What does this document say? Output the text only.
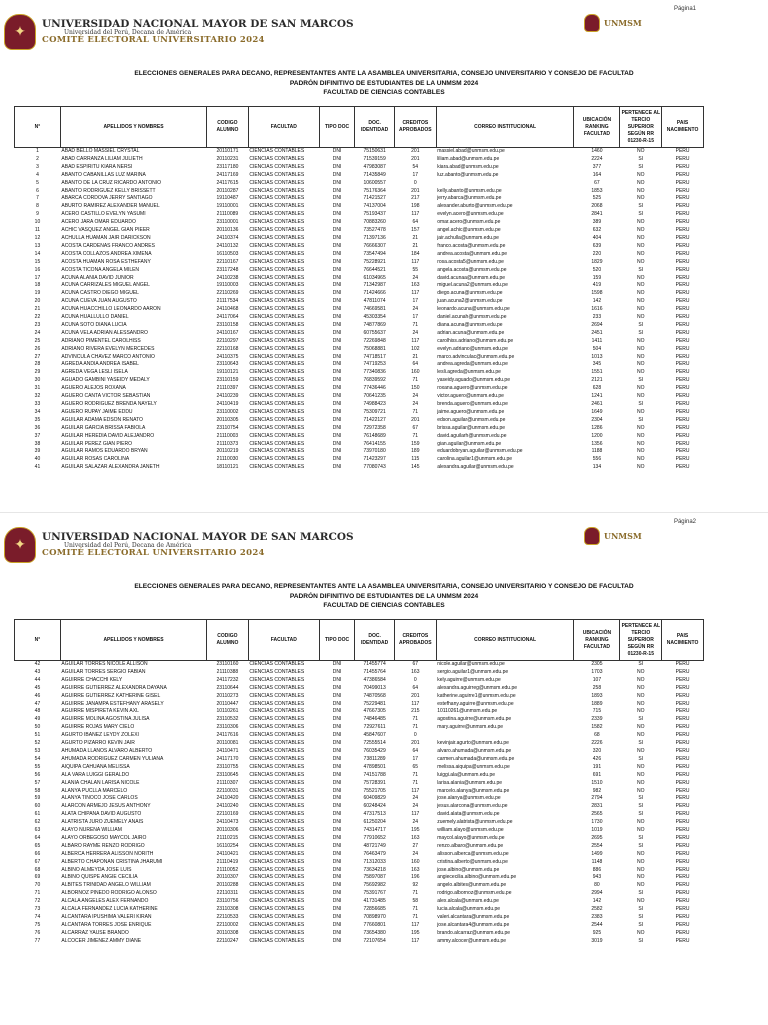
Página1
✦
UNIVERSIDAD NACIONAL MAYOR DE SAN MARCOS
Universidad del Perú, Decana de América
COMITÉ ELECTORAL UNIVERSITARIO 2024
UNMSM
ELECCIONES GENERALES PARA DECANO, REPRESENTANTES ANTE LA ASAMBLEA UNIVERSITARIA, CONSEJO UNIVERSITARIO Y CONSEJO DE FACULTAD
PADRÓN DIFINITIVO DE ESTUDIANTES DE LA UNMSM 2024
FACULTAD DE CIENCIAS CONTABLES
N°	APELLIDOS Y NOMBRES	CODIGO ALUMNO	FACULTAD	TIPO DOC	DOC. IDENTIDAD	CREDITOS APROBADOS	CORREO INSTITUCIONAL	UBICACIÓN RANKING FACULTAD	PERTENECE AL TERCIO SUPERIOR SEGÚN RR 01230-R-15	PAIS NACIMIENTO
1	ABAD BELLO MASSIEL CRYSTAL	20110171	CIENCIAS CONTABLES	DNI	75150631	201	massiel.abad@unmsm.edu.pe	1460	NO	PERU
2	ABAD CARRANZA LILIAM JULIETH	20110231	CIENCIAS CONTABLES	DNI	71539159	201	liliam.abad@unmsm.edu.pe	2224	SI	PERU
3	ABAD ESPIRITU KIARA NERSI	23117180	CIENCIAS CONTABLES	DNI	47983087	54	kiara.abad@unmsm.edu.pe	377	SI	PERU
4	ABANTO CABANILLAS LUZ MARINA	24117169	CIENCIAS CONTABLES	DNI	71435849	17	luz.abanto@unmsm.edu.pe	164	NO	PERU
5	ABANTO DE LA CRUZ RICARDO ANTONIO	24117615	CIENCIAS CONTABLES	DNI	10600557	0		67	NO	PERU
6	ABANTO RODRIGUEZ KELLY BRISSETT	20110287	CIENCIAS CONTABLES	DNI	75176364	201	kelly.abanto@unmsm.edu.pe	1853	NO	PERU
7	ABARCA CORDOVA JERRY SANTIAGO	19110487	CIENCIAS CONTABLES	DNI	71421527	217	jerry.abarca@unmsm.edu.pe	525	NO	PERU
8	ABURTO RAMIREZ ALEXANDER MANUEL	19110001	CIENCIAS CONTABLES	DNI	74137004	198	alexander.aburto@unmsm.edu.pe	2068	SI	PERU
9	ACERO CASTILLO EVELYN YASUMI	21110089	CIENCIAS CONTABLES	DNI	75193437	117	evelyn.acero@unmsm.edu.pe	2841	SI	PERU
10	ACERO JARA OMAR EDUARDO	23110001	CIENCIAS CONTABLES	DNI	70883260	64	omar.acero@unmsm.edu.pe	389	NO	PERU
11	ACHIC VASQUEZ ANGEL GIAN PIEER	20110136	CIENCIAS CONTABLES	DNI	73527478	157	angel.achic@unmsm.edu.pe	632	NO	PERU
12	ACHULLA HUAMAN JAIR DARICKSON	24110374	CIENCIAS CONTABLES	DNI	71397136	21	jair.achulla@unmsm.edu.pe	404	NO	PERU
13	ACOSTA CARDENAS FRANCO ANDRES	24110132	CIENCIAS CONTABLES	DNI	76666307	21	franco.acosta@unmsm.edu.pe	639	NO	PERU
14	ACOSTA COLLAZOS ANDREA XIMENA	16110503	CIENCIAS CONTABLES	DNI	73547494	184	andrea.acosta@unmsm.edu.pe	220	NO	PERU
15	ACOSTA HUAMAN ROSA ESTHEFANY	22110167	CIENCIAS CONTABLES	DNI	75228921	117	rosa.acosta5@unmsm.edu.pe	1829	NO	PERU
16	ACOSTA TICONA ANGELA MILÉN	23117248	CIENCIAS CONTABLES	DNI	76644521	55	angela.acosta@unmsm.edu.pe	520	SI	PERU
17	ACUÑA ALANIA DAVID JUNIOR	24110238	CIENCIAS CONTABLES	DNI	61034965	24	david.acunaa@unmsm.edu.pe	159	NO	PERU
18	ACUÑA CARRIZALES MIGUEL ANGEL	19110003	CIENCIAS CONTABLES	DNI	71342987	163	miguel.acuna2@unmsm.edu.pe	419	NO	PERU
19	ACUÑA CASTRO DIEGO MIGUEL	22110269	CIENCIAS CONTABLES	DNI	71424666	117	diego.acuna@unmsm.edu.pe	1598	NO	PERU
20	ACUÑA CUEVA JUAN AUGUSTO	21117534	CIENCIAS CONTABLES	DNI	47811074	17	juan.acuna2@unmsm.edu.pe	142	NO	PERU
21	ACUÑA HUACCHILLO LEONARDO AARÓN	24110468	CIENCIAS CONTABLES	DNI	74669581	24	leonardo.acuna@unmsm.edu.pe	1616	NO	PERU
22	ACUÑA HUALLULLO DANIEL	24117064	CIENCIAS CONTABLES	DNI	45303354	17	daniel.acunah@unmsm.edu.pe	233	NO	PERU
23	ACUÑA SOTO DIANA LUCIA	23110158	CIENCIAS CONTABLES	DNI	74877869	71	diana.acuna@unmsm.edu.pe	2694	SI	PERU
24	ACUÑA VELA ADRIAN ALESSANDRO	24110167	CIENCIAS CONTABLES	DNI	60755637	24	adrian.acuna@unmsm.edu.pe	2451	SI	PERU
25	ADRIANO PIMENTEL CAROLHISS	22110297	CIENCIAS CONTABLES	DNI	72269848	117	carolhiss.adriano@unmsm.edu.pe	1411	NO	PERU
26	ADRIANO RIVERA EVELYN MERCEDES	22110168	CIENCIAS CONTABLES	DNI	75068881	102	evelyn.adriano@unmsm.edu.pe	504	NO	PERU
27	ADVINCULA CHAVEZ MARCO ANTONIO	24110375	CIENCIAS CONTABLES	DNI	74718517	21	marco.advinculac@unmsm.edu.pe	1013	NO	PERU
28	AGREDA ANDIA ANDREA ISABEL	23110643	CIENCIAS CONTABLES	DNI	74719253	64	andrea.agreda@unmsm.edu.pe	345	NO	PERU
29	AGREDA VEGA LESLI ISELA	19110121	CIENCIAS CONTABLES	DNI	77340836	160	lesli.agreda@unmsm.edu.pe	1551	NO	PERU
30	AGUADO GAMBINI YASEIDY MEDALY	23110159	CIENCIAS CONTABLES	DNI	76839592	71	yaseidy.aguado@unmsm.edu.pe	2121	SI	PERU
31	AGÜERO ALEJOS ROXANA	21110397	CIENCIAS CONTABLES	DNI	77436446	150	roxana.aguero@unmsm.edu.pe	628	NO	PERU
32	AGUERO CANTA VICTOR SEBASTIAN	24110239	CIENCIAS CONTABLES	DNI	70641235	24	victor.aguero@unmsm.edu.pe	1241	NO	PERU
33	AGÜERO RODRIGUEZ BRENDA NAYELY	24110419	CIENCIAS CONTABLES	DNI	74988423	24	brenda.aguero@unmsm.edu.pe	2461	SI	PERU
34	AGÜERO RUPAY JAIME EDDU	23110002	CIENCIAS CONTABLES	DNI	75309721	71	jaime.aguero@unmsm.edu.pe	1649	NO	PERU
35	AGUILAR ADAMA EDSON RENATO	20110305	CIENCIAS CONTABLES	DNI	71422127	201	edson.aguilar@unmsm.edu.pe	2304	SI	PERU
36	AGUILAR GARCIA BRISSA FABIOLA	23110754	CIENCIAS CONTABLES	DNI	72972358	67	brissa.aguilar@unmsm.edu.pe	1286	NO	PERU
37	AGUILAR HEREDIA DAVID ALEJANDRO	21110003	CIENCIAS CONTABLES	DNI	76148689	71	david.aguilarh@unmsm.edu.pe	1200	NO	PERU
38	AGUILAR PEREZ GIAN PIERO	21110373	CIENCIAS CONTABLES	DNI	76414155	159	gian.aguilar@unmsm.edu.pe	1356	NO	PERU
39	AGUILAR RAMOS EDUARDO BRYAN	20110219	CIENCIAS CONTABLES	DNI	73970180	189	eduardobryan.aguilar@unmsm.edu.pe	1188	NO	PERU
40	AGUILAR ROSAS CAROLINA	21110030	CIENCIAS CONTABLES	DNI	71423297	115	carolina.aguilar1@unmsm.edu.pe	556	NO	PERU
41	AGUILAR SALAZAR ALEXANDRA JANETH	18110121	CIENCIAS CONTABLES	DNI	77080743	145	alexandra.aguilar@unmsm.edu.pe	134	NO	PERU
Página2
✦
UNIVERSIDAD NACIONAL MAYOR DE SAN MARCOS
Universidad del Perú, Decana de América
COMITÉ ELECTORAL UNIVERSITARIO 2024
UNMSM
ELECCIONES GENERALES PARA DECANO, REPRESENTANTES ANTE LA ASAMBLEA UNIVERSITARIA, CONSEJO UNIVERSITARIO Y CONSEJO DE FACULTAD
PADRÓN DIFINITIVO DE ESTUDIANTES DE LA UNMSM 2024
FACULTAD DE CIENCIAS CONTABLES
N°	APELLIDOS Y NOMBRES	CODIGO ALUMNO	FACULTAD	TIPO DOC	DOC. IDENTIDAD	CREDITOS APROBADOS	CORREO INSTITUCIONAL	UBICACIÓN RANKING FACULTAD	PERTENECE AL TERCIO SUPERIOR SEGÚN RR 01230-R-15	PAIS NACIMIENTO
42	AGUILAR TORRES NICOLE ALLISON	23110160	CIENCIAS CONTABLES	DNI	71455774	67	nicole.aguilar@unmsm.edu.pe	2305	SI	PERU
43	AGUILAR TORRES SERGIO FABIAN	21110388	CIENCIAS CONTABLES	DNI	71455764	163	sergio.aguilar1@unmsm.edu.pe	1703	NO	PERU
44	AGUIRRE CHACCHI KELY	24117232	CIENCIAS CONTABLES	DNI	47386584	0	kely.aguirre@unmsm.edu.pe	107	NO	PERU
45	AGUIRRE GUTIERREZ ALEXANDRA DAYANA	23110644	CIENCIAS CONTABLES	DNI	70499013	64	alexandra.aguirreg@unmsm.edu.pe	258	NO	PERU
46	AGUIRRE GUTIERREZ KATHERINE GISEL	20110273	CIENCIAS CONTABLES	DNI	74870568	201	katherine.aguirre1@unmsm.edu.pe	1893	NO	PERU
47	AGUIRRE JANAMPA ESTEFHANY ARASELY	20110447	CIENCIAS CONTABLES	DNI	75229481	117	estefhany.aguirre@unmsm.edu.pe	1889	NO	PERU
48	AGUIRRE MISPIRETA KEVIN AXL	10110261	CIENCIAS CONTABLES	DNI	47667305	215	10110261@unmsm.edu.pe	715	NO	PERU
49	AGUIRRE MOLINA AGOSTINA JULISA	23110532	CIENCIAS CONTABLES	DNI	74846485	71	agostina.aguirre@unmsm.edu.pe	2339	SI	PERU
50	AGUIRRE ROJAS MARY CIELO	23110306	CIENCIAS CONTABLES	DNI	72927611	71	mary.aguirre@unmsm.edu.pe	1582	NO	PERU
51	AGURTO IBAÑEZ LEYDY ZOLEXI	24117616	CIENCIAS CONTABLES	DNI	45847607	0		68	NO	PERU
52	AGURTO PIZARRO KEVIN JAIR	20110081	CIENCIAS CONTABLES	DNI	72555514	201	kevinjair.agurto@unmsm.edu.pe	2226	SI	PERU
53	AHUMADA LLANOS ALVARO ALBERTO	24110471	CIENCIAS CONTABLES	DNI	76035429	64	alvaro.ahumada@unmsm.edu.pe	320	NO	PERU
54	AHUMADA RODRIGUEZ CARMEN YULIANA	24117170	CIENCIAS CONTABLES	DNI	73811289	17	carmen.ahumada@unmsm.edu.pe	426	SI	PERU
55	AIQUIPA CAHUANA MELISSA	23110755	CIENCIAS CONTABLES	DNI	47898501	65	melissa.aiquipa@unmsm.edu.pe	191	NO	PERU
56	ALA VARA LUIGGI GERALDO	23110645	CIENCIAS CONTABLES	DNI	74151788	71	luiggi.ala@unmsm.edu.pe	691	NO	PERU
57	ALANIA CHALAN LARISA NICOLE	21110307	CIENCIAS CONTABLES	DNI	75728391	71	larisa.alania@unmsm.edu.pe	1510	NO	PERU
58	ALANYA PUCLLA MARCELO	22110031	CIENCIAS CONTABLES	DNI	75521705	117	marcelo.alanya@unmsm.edu.pe	982	NO	PERU
59	ALANYA TINOCO JOSE CARLOS	24110420	CIENCIAS CONTABLES	DNI	60409829	24	jose.alanya@unmsm.edu.pe	2794	SI	PERU
60	ALARCON ARMEJO JESUS ANTHONY	24110240	CIENCIAS CONTABLES	DNI	60248424	24	jesus.alarcona@unmsm.edu.pe	2831	SI	PERU
61	ALATA CHIPANA DAVID AUGUSTO	22110169	CIENCIAS CONTABLES	DNI	47317513	117	david.alata@unmsm.edu.pe	2565	SI	PERU
62	ALATRISTA JURO ZUEMELY ANAIS	24110473	CIENCIAS CONTABLES	DNI	61250204	24	zuemely.alatrista@unmsm.edu.pe	1730	NO	PERU
63	ALAYO NUREÑA WILLIAM	20110306	CIENCIAS CONTABLES	DNI	74314717	195	william.alayo@unmsm.edu.pe	1019	NO	PERU
64	ALAYO ORBEGOSO MAYCOL JAIRO	21110215	CIENCIAS CONTABLES	DNI	77910652	163	maycol.alayo@unmsm.edu.pe	2695	SI	PERU
65	ALBARO RAYME RENZO RODRIGO	16110254	CIENCIAS CONTABLES	DNI	48721749	27	renzo.albaro@unmsm.edu.pe	2554	SI	PERU
66	ALBERCA HERRERA ALISSON NORITH	24110421	CIENCIAS CONTABLES	DNI	76463479	24	alisson.alberca@unmsm.edu.pe	1499	NO	PERU
67	ALBERTO CHAPOÑAN CRISTINA JHARUMI	21110419	CIENCIAS CONTABLES	DNI	71312033	160	cristina.alberto@unmsm.edu.pe	1148	NO	PERU
68	ALBINO ALMEYDA JOSE LUIS	21110052	CIENCIAS CONTABLES	DNI	73634218	163	jose.albino@unmsm.edu.pe	886	NO	PERU
69	ALBINO QUISPE ANGIE CECILIA	20110307	CIENCIAS CONTABLES	DNI	75897087	196	angiececilia.albino@unmsm.edu.pe	943	NO	PERU
70	ALBITES TRINIDAD ANGELO WILLIAM	20110288	CIENCIAS CONTABLES	DNI	75692982	92	angelo.albites@unmsm.edu.pe	80	NO	PERU
71	ALBORNOZ PINEDO RODRIGO ALONSO	22110311	CIENCIAS CONTABLES	DNI	75391767	71	rodrigo.albornoz@unmsm.edu.pe	2994	SI	PERU
72	ALCALA ANGELES ALEX FERNANDO	23110756	CIENCIAS CONTABLES	DNI	41731485	58	alex.alcala@unmsm.edu.pe	142	NO	PERU
73	ALCALA FERNANDEZ LUCIA KATHERINE	23110308	CIENCIAS CONTABLES	DNI	72856685	71	lucia.alcala@unmsm.edu.pe	2582	SI	PERU
74	ALCANTARA IPUSHIMA VALERI KIRAN	22110533	CIENCIAS CONTABLES	DNI	70898970	71	valeri.alcantara@unmsm.edu.pe	2383	SI	PERU
75	ALCANTARA TORRES JOSE ENRIQUE	22110002	CIENCIAS CONTABLES	DNI	77660801	117	jose.alcantara4@unmsm.edu.pe	2544	SI	PERU
76	ALCARRAZ YAUSE BRANDO	20110308	CIENCIAS CONTABLES	DNI	73654380	195	brando.alcarraz@unmsm.edu.pe	925	NO	PERU
77	ALCOCER JIMENEZ AMMY DIANE	22110247	CIENCIAS CONTABLES	DNI	72107654	117	ammy.alcocer@unmsm.edu.pe	3019	SI	PERU
